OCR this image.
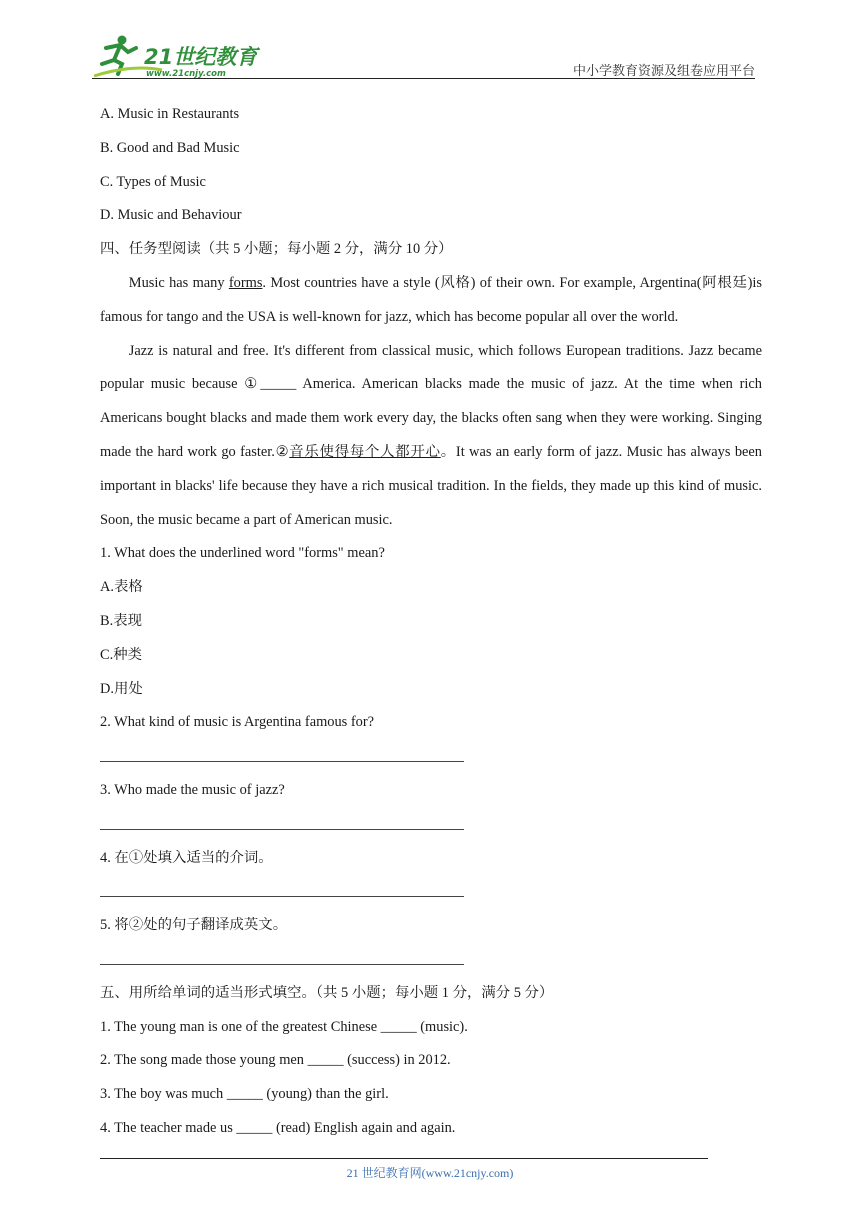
21世纪教育
www.21cnjy.com	中小学教育资源及组卷应用平台
A. Music in Restaurants
B. Good and Bad Music
C. Types of Music
D. Music and Behaviour
四、任务型阅读（共 5 小题；每小题 2 分，满分 10 分）
Music has many forms. Most countries have a style (风格) of their own. For example, Argentina(阿根廷)is famous for tango and the USA is well-known for jazz, which has become popular all over the world.
Jazz is natural and free. It's different from classical music, which follows European traditions. Jazz became popular music because ①_____ America. American blacks made the music of jazz. At the time when rich Americans bought blacks and made them work every day, the blacks often sang when they were working. Singing made the hard work go faster.②音乐使得每个人都开心。It was an early form of jazz. Music has always been important in blacks' life because they have a rich musical tradition. In the fields, they made up this kind of music. Soon, the music became a part of American music.
1. What does the underlined word "forms" mean?
A.表格
B.表现
C.种类
D.用处
2. What kind of music is Argentina famous for?
3. Who made the music of jazz?
4. 在①处填入适当的介词。
5. 将②处的句子翻译成英文。
五、用所给单词的适当形式填空。（共 5 小题；每小题 1 分，满分 5 分）
1. The young man is one of the greatest Chinese _____ (music).
2. The song made those young men _____ (success) in 2012.
3. The boy was much _____ (young) than the girl.
4. The teacher made us _____ (read) English again and again.
21 世纪教育网(www.21cnjy.com)
